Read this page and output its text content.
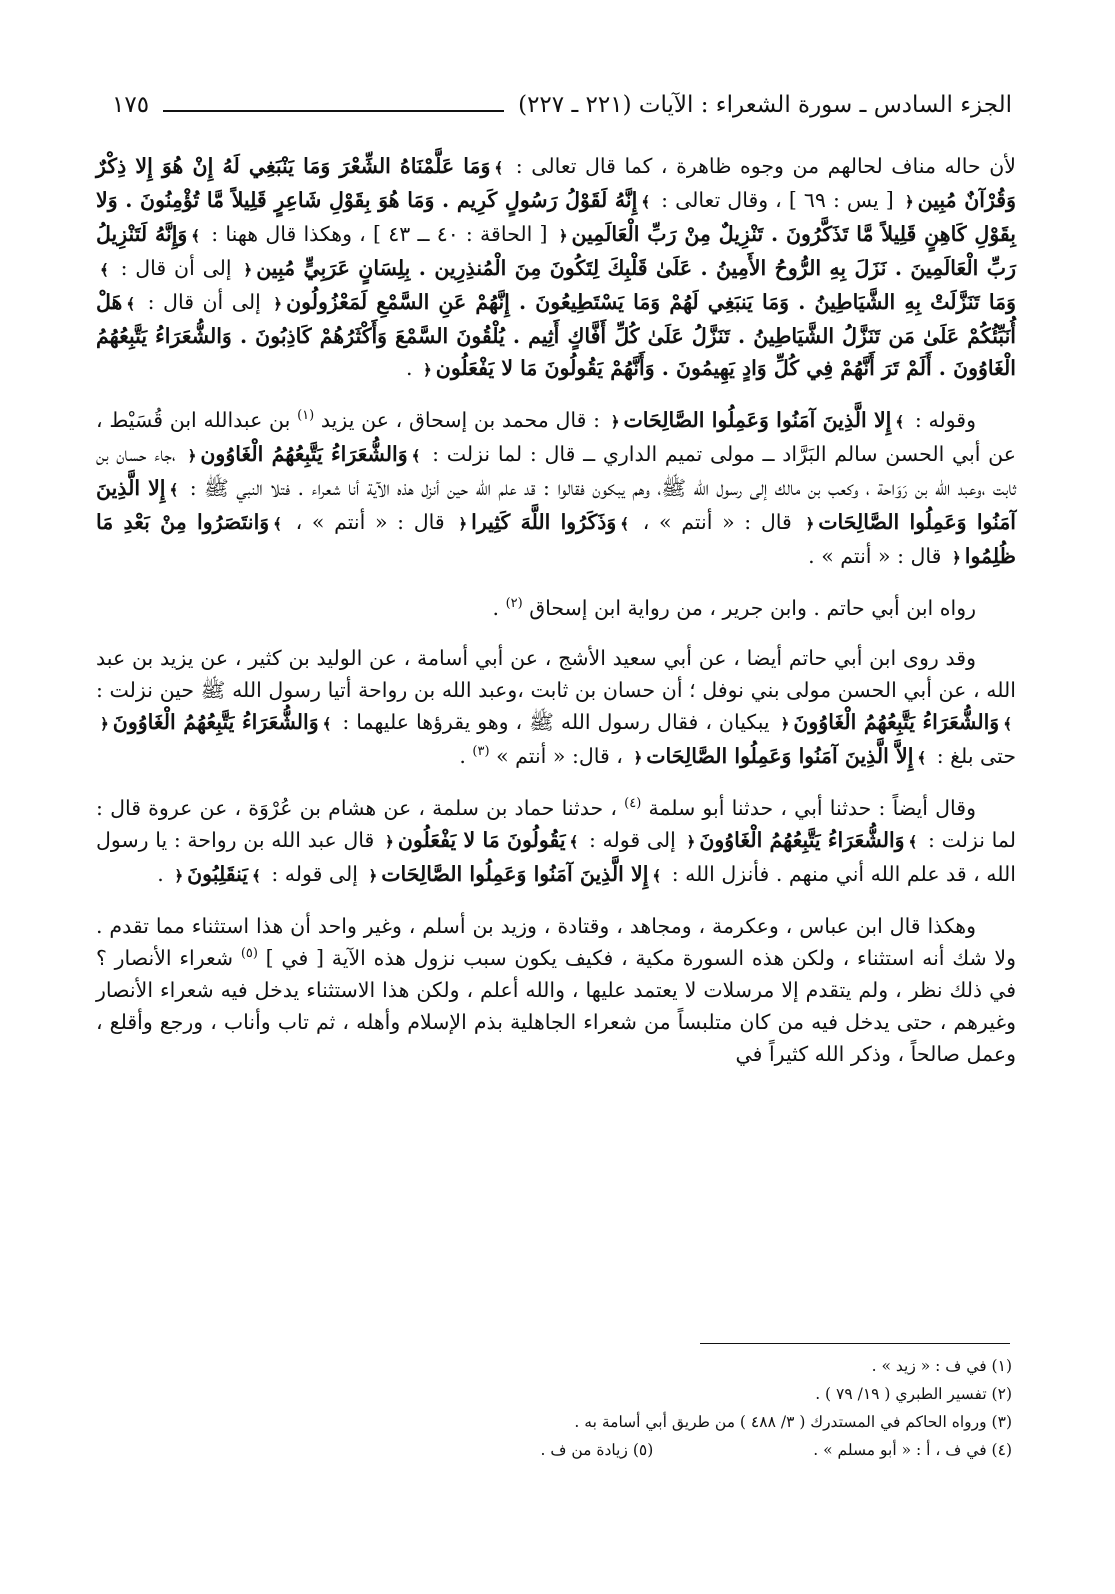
الجزء السادس ـ سورة الشعراء : الآيات (٢٢١ ـ ٢٢٧)
١٧٥

لأن حاله مناف لحالهم من وجوه ظاهرة ، كما قال تعالى : ﴾وَمَا عَلَّمْنَاهُ الشِّعْرَ وَمَا يَنْبَغِي لَهُ إِنْ هُوَ إِلا ذِكْرٌ وَقُرْآنٌ مُبِين﴿ [ يس : ٦٩ ] ، وقال تعالى : ﴾إِنَّهُ لَقَوْلُ رَسُولٍ كَرِيم . وَمَا هُوَ بِقَوْلِ شَاعِرٍ قَلِيلاً مَّا تُؤْمِنُونَ . وَلا بِقَوْلِ كَاهِنٍ قَلِيلاً مَّا تَذَكَّرُونَ . تَنْزِيلٌ مِنْ رَبِّ الْعَالَمِين﴿ [ الحاقة : ٤٠ ــ ٤٣ ] ، وهكذا قال ههنا : ﴾وَإِنَّهُ لَتَنْزِيلُ رَبِّ الْعَالَمِينَ . نَزَلَ بِهِ الرُّوحُ الأَمِينُ . عَلَىٰ قَلْبِكَ لِتَكُونَ مِنَ الْمُنذِرِين . بِلِسَانٍ عَرَبِيٍّ مُبِين﴿ إلى أن قال : ﴾وَمَا تَنَزَّلَتْ بِهِ الشَّيَاطِينُ . وَمَا يَنبَغِي لَهُمْ وَمَا يَسْتَطِيعُونَ . إِنَّهُمْ عَنِ السَّمْعِ لَمَعْزُولُون﴿ إلى أن قال : ﴾هَلْ أُنَبِّئُكُمْ عَلَىٰ مَن تَنَزَّلُ الشَّيَاطِينُ . تَنَزَّلُ عَلَىٰ كُلِّ أَفَّاكٍ أَثِيم . يُلْقُونَ السَّمْعَ وَأَكْثَرُهُمْ كَاذِبُونَ . وَالشُّعَرَاءُ يَتَّبِعُهُمُ الْغَاوُونَ . أَلَمْ تَرَ أَنَّهُمْ فِي كُلِّ وَادٍ يَهِيمُونَ . وَأَنَّهُمْ يَقُولُونَ مَا لا يَفْعَلُون﴿ .

وقوله : ﴾إِلا الَّذِينَ آمَنُوا وَعَمِلُوا الصَّالِحَات﴿ : قال محمد بن إسحاق ، عن يزيد $^{(١)}$ بن عبدالله ابن قُسَيْط ، عن أبي الحسن سالم البَرَّاد ــ مولى تميم الداري ــ قال : لما نزلت : ﴾وَالشُّعَرَاءُ يَتَّبِعُهُمُ الْغَاوُون﴿ ،جاء حسان بن ثابت ،وعبد الله بن رَوَاحة ، وكعب بن مالك إلى رسول الله ﷺ، وهم يبكون فقالوا : قد علم الله حين أنزل هذه الآية أنا شعراء . فتلا النبي ﷺ : ﴾إِلا الَّذِينَ آمَنُوا وَعَمِلُوا الصَّالِحَات﴿ قال : « أنتم » ، ﴾وَذَكَرُوا اللَّهَ كَثِيرا﴿ قال : « أنتم » ، ﴾وَانتَصَرُوا مِنْ بَعْدِ مَا ظُلِمُوا﴿ قال : « أنتم » .

رواه ابن أبي حاتم . وابن جرير ، من رواية ابن إسحاق $^{(٢)}$ .

وقد روى ابن أبي حاتم أيضا ، عن أبي سعيد الأشج ، عن أبي أسامة ، عن الوليد بن كثير ، عن يزيد بن عبد الله ، عن أبي الحسن مولى بني نوفل ؛ أن حسان بن ثابت ،وعبد الله بن رواحة أتيا رسول الله ﷺ حين نزلت : ﴾وَالشُّعَرَاءُ يَتَّبِعُهُمُ الْغَاوُونَ﴿ يبكيان ، فقال رسول الله ﷺ ، وهو يقرؤها عليهما : ﴾وَالشُّعَرَاءُ يَتَّبِعُهُمُ الْغَاوُونَ﴿ حتى بلغ : ﴾إِلاَّ الَّذِينَ آمَنُوا وَعَمِلُوا الصَّالِحَات﴿ ، قال: « أنتم » $^{(٣)}$ .

وقال أيضاً : حدثنا أبي ، حدثنا أبو سلمة $^{(٤)}$ ، حدثنا حماد بن سلمة ، عن هشام بن عُرْوَة ، عن عروة قال : لما نزلت : ﴾وَالشُّعَرَاءُ يَتَّبِعُهُمُ الْغَاوُونَ﴿ إلى قوله : ﴾يَقُولُونَ مَا لا يَفْعَلُون﴿ قال عبد الله بن رواحة : يا رسول الله ، قد علم الله أني منهم . فأنزل الله : ﴾إِلا الَّذِينَ آمَنُوا وَعَمِلُوا الصَّالِحَات﴿ إلى قوله : ﴾يَنقَلِبُونَ﴿ .

وهكذا قال ابن عباس ، وعكرمة ، ومجاهد ، وقتادة ، وزيد بن أسلم ، وغير واحد أن هذا استثناء مما تقدم . ولا شك أنه استثناء ، ولكن هذه السورة مكية ، فكيف يكون سبب نزول هذه الآية [ في ] $^{(٥)}$ شعراء الأنصار ؟ في ذلك نظر ، ولم يتقدم إلا مرسلات لا يعتمد عليها ، والله أعلم ، ولكن هذا الاستثناء يدخل فيه شعراء الأنصار وغيرهم ، حتى يدخل فيه من كان متلبساً من شعراء الجاهلية بذم الإسلام وأهله ، ثم تاب وأناب ، ورجع وأقلع ، وعمل صالحاً ، وذكر الله كثيراً في

(١) في ف : « زيد » .
(٢) تفسير الطبري ( ١٩/ ٧٩ ) .
(٣) ورواه الحاكم في المستدرك ( ٣/ ٤٨٨ ) من طريق أبي أسامة به .
(٤) في ف ، أ : « أبو مسلم » .
(٥) زيادة من ف .
